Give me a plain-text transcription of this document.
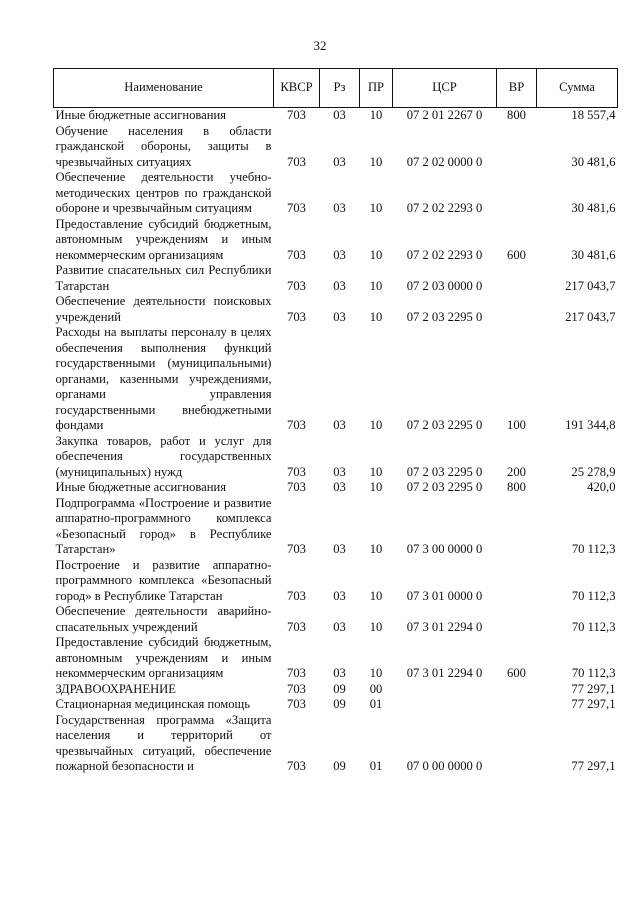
32
Наименование	КВСР	Рз	ПР	ЦСР	ВР	Сумма
Иные бюджетные ассигнования	703	03	10	07 2 01 2267 0	800	18 557,4
Обучение населения в области гражданской обороны, защиты в чрезвычайных ситуациях	703	03	10	07 2 02 0000 0		30 481,6
Обеспечение деятельности учебно-методических центров по гражданской обороне и чрезвычайным ситуациям	703	03	10	07 2 02 2293 0		30 481,6
Предоставление субсидий бюджетным, автономным учреждениям и иным некоммерческим организациям	703	03	10	07 2 02 2293 0	600	30 481,6
Развитие спасательных сил Республики Татарстан	703	03	10	07 2 03 0000 0		217 043,7
Обеспечение деятельности поисковых учреждений	703	03	10	07 2 03 2295 0		217 043,7
Расходы на выплаты персоналу в целях обеспечения выполнения функций государственными (муниципальными) органами, казенными учреждениями, органами управления государственными внебюджетными фондами	703	03	10	07 2 03 2295 0	100	191 344,8
Закупка товаров, работ и услуг для обеспечения государственных (муниципальных) нужд	703	03	10	07 2 03 2295 0	200	25 278,9
Иные бюджетные ассигнования	703	03	10	07 2 03 2295 0	800	420,0
Подпрограмма «Построение и развитие аппаратно-программного комплекса «Безопасный город» в Республике Татарстан»	703	03	10	07 3 00 0000 0		70 112,3
Построение и развитие аппаратно-программного комплекса «Безопасный город» в Республике Татарстан	703	03	10	07 3 01 0000 0		70 112,3
Обеспечение деятельности аварийно-спасательных учреждений	703	03	10	07 3 01 2294 0		70 112,3
Предоставление субсидий бюджетным, автономным учреждениям и иным некоммерческим организациям	703	03	10	07 3 01 2294 0	600	70 112,3
ЗДРАВООХРАНЕНИЕ	703	09	00			77 297,1
Стационарная медицинская помощь	703	09	01			77 297,1
Государственная программа «Защита населения и территорий от чрезвычайных ситуаций, обеспечение пожарной безопасности и	703	09	01	07 0 00 0000 0		77 297,1
